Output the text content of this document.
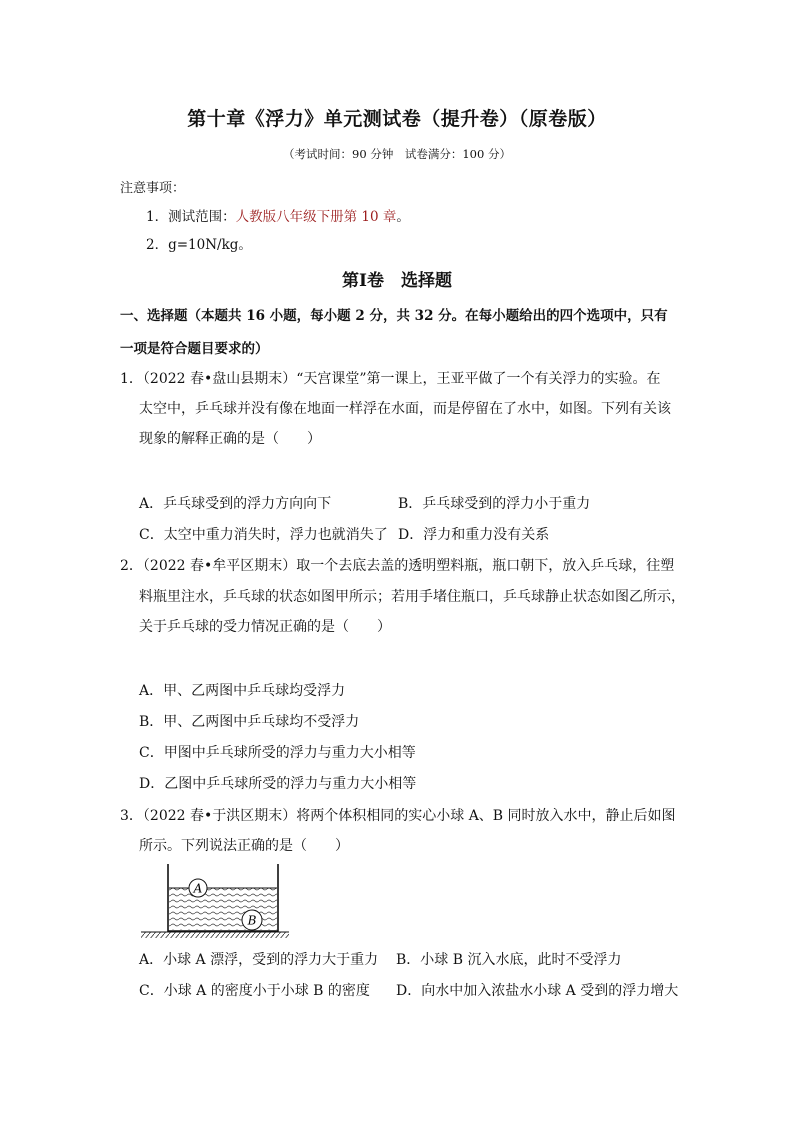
第十章《浮力》单元测试卷（提升卷）（原卷版）
（考试时间：90 分钟　试卷满分：100 分）
注意事项：
1．测试范围：人教版八年级下册第 10 章。
2．g=10N/kg。
第Ⅰ卷　选择题
一、选择题（本题共 16 小题，每小题 2 分，共 32 分。在每小题给出的四个选项中，只有
一项是符合题目要求的）
1．（2022 春•盘山县期末）“天宫课堂”第一课上，王亚平做了一个有关浮力的实验。在
太空中，乒乓球并没有像在地面一样浮在水面，而是停留在了水中，如图。下列有关该
现象的解释正确的是（　　）
A．乒乓球受到的浮力方向向下	B．乒乓球受到的浮力小于重力
C．太空中重力消失时，浮力也就消失了 D．浮力和重力没有关系
2．（2022 春•牟平区期末）取一个去底去盖的透明塑料瓶，瓶口朝下，放入乒乓球，往塑
料瓶里注水，乒乓球的状态如图甲所示；若用手堵住瓶口，乒乓球静止状态如图乙所示，
关于乒乓球的受力情况正确的是（　　）
A．甲、乙两图中乒乓球均受浮力
B．甲、乙两图中乒乓球均不受浮力
C．甲图中乒乓球所受的浮力与重力大小相等
D．乙图中乒乓球所受的浮力与重力大小相等
3．（2022 春•于洪区期末）将两个体积相同的实心小球 A、B 同时放入水中，静止后如图
所示。下列说法正确的是（　　）
A
B
A．小球 A 漂浮，受到的浮力大于重力 B．小球 B 沉入水底，此时不受浮力
C．小球 A 的密度小于小球 B 的密度 D．向水中加入浓盐水小球 A 受到的浮力增大
